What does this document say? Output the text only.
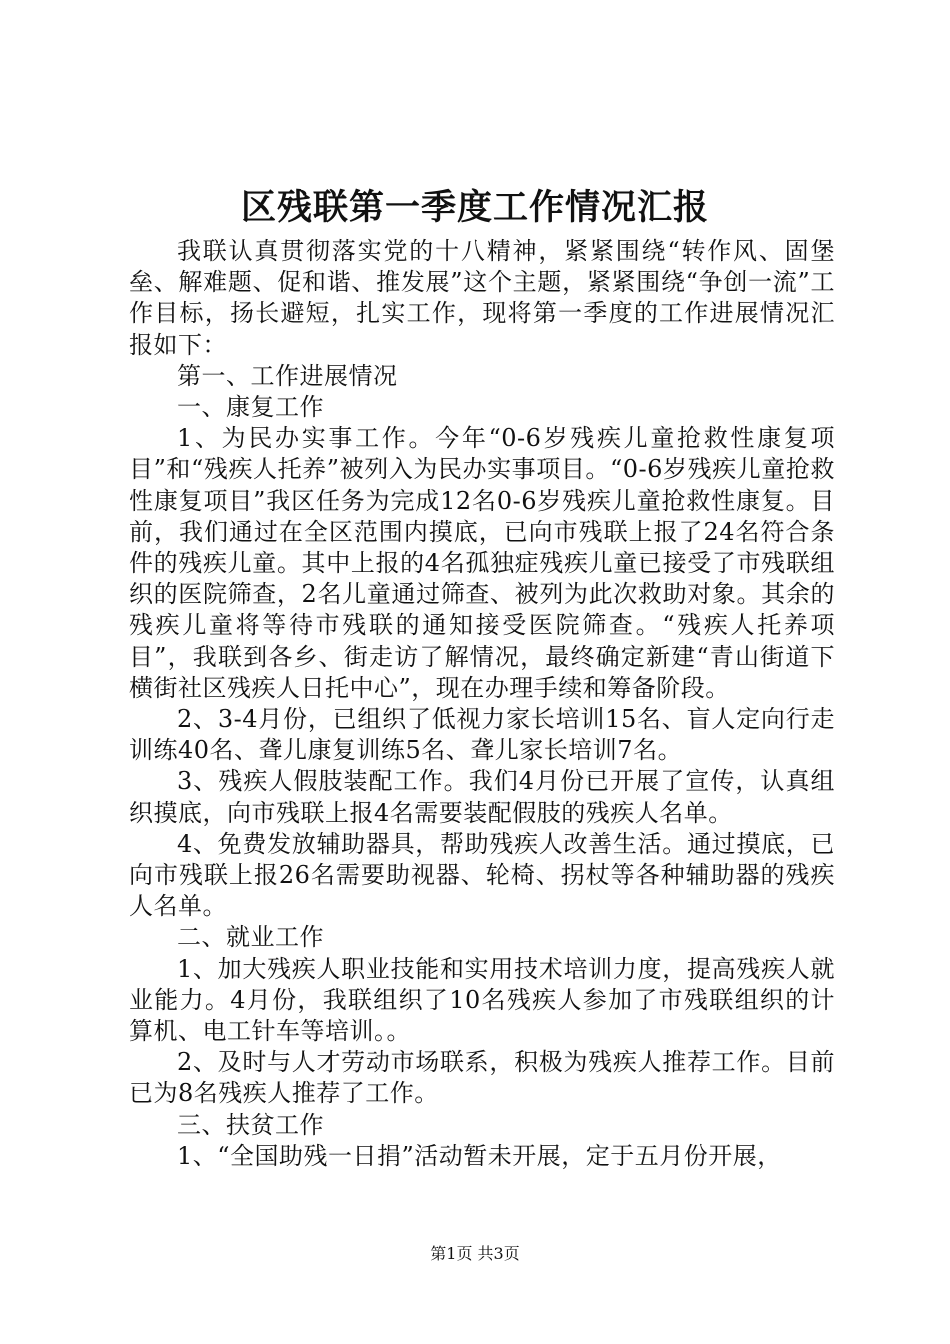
区残联第一季度工作情况汇报

我联认真贯彻落实党的十八精神，紧紧围绕“转作风、固堡垒、解难题、促和谐、推发展”这个主题，紧紧围绕“争创一流”工作目标，扬长避短，扎实工作，现将第一季度的工作进展情况汇报如下：

第一、工作进展情况

一、康复工作

1、为民办实事工作。今年“0-6岁残疾儿童抢救性康复项目”和“残疾人托养”被列入为民办实事项目。“0-6岁残疾儿童抢救性康复项目”我区任务为完成12名0-6岁残疾儿童抢救性康复。目前，我们通过在全区范围内摸底，已向市残联上报了24名符合条件的残疾儿童。其中上报的4名孤独症残疾儿童已接受了市残联组织的医院筛查，2名儿童通过筛查、被列为此次救助对象。其余的残疾儿童将等待市残联的通知接受医院筛查。“残疾人托养项目”，我联到各乡、街走访了解情况，最终确定新建“青山街道下横街社区残疾人日托中心”，现在办理手续和筹备阶段。

2、3-4月份，已组织了低视力家长培训15名、盲人定向行走训练40名、聋儿康复训练5名、聋儿家长培训7名。

3、残疾人假肢装配工作。我们4月份已开展了宣传，认真组织摸底，向市残联上报4名需要装配假肢的残疾人名单。

4、免费发放辅助器具，帮助残疾人改善生活。通过摸底，已向市残联上报26名需要助视器、轮椅、拐杖等各种辅助器的残疾人名单。

二、就业工作

1、加大残疾人职业技能和实用技术培训力度，提高残疾人就业能力。4月份，我联组织了10名残疾人参加了市残联组织的计算机、电工针车等培训。。

2、及时与人才劳动市场联系，积极为残疾人推荐工作。目前已为8名残疾人推荐了工作。

三、扶贫工作

1、“全国助残一日捐”活动暂未开展，定于五月份开展，

第1页 共3页
